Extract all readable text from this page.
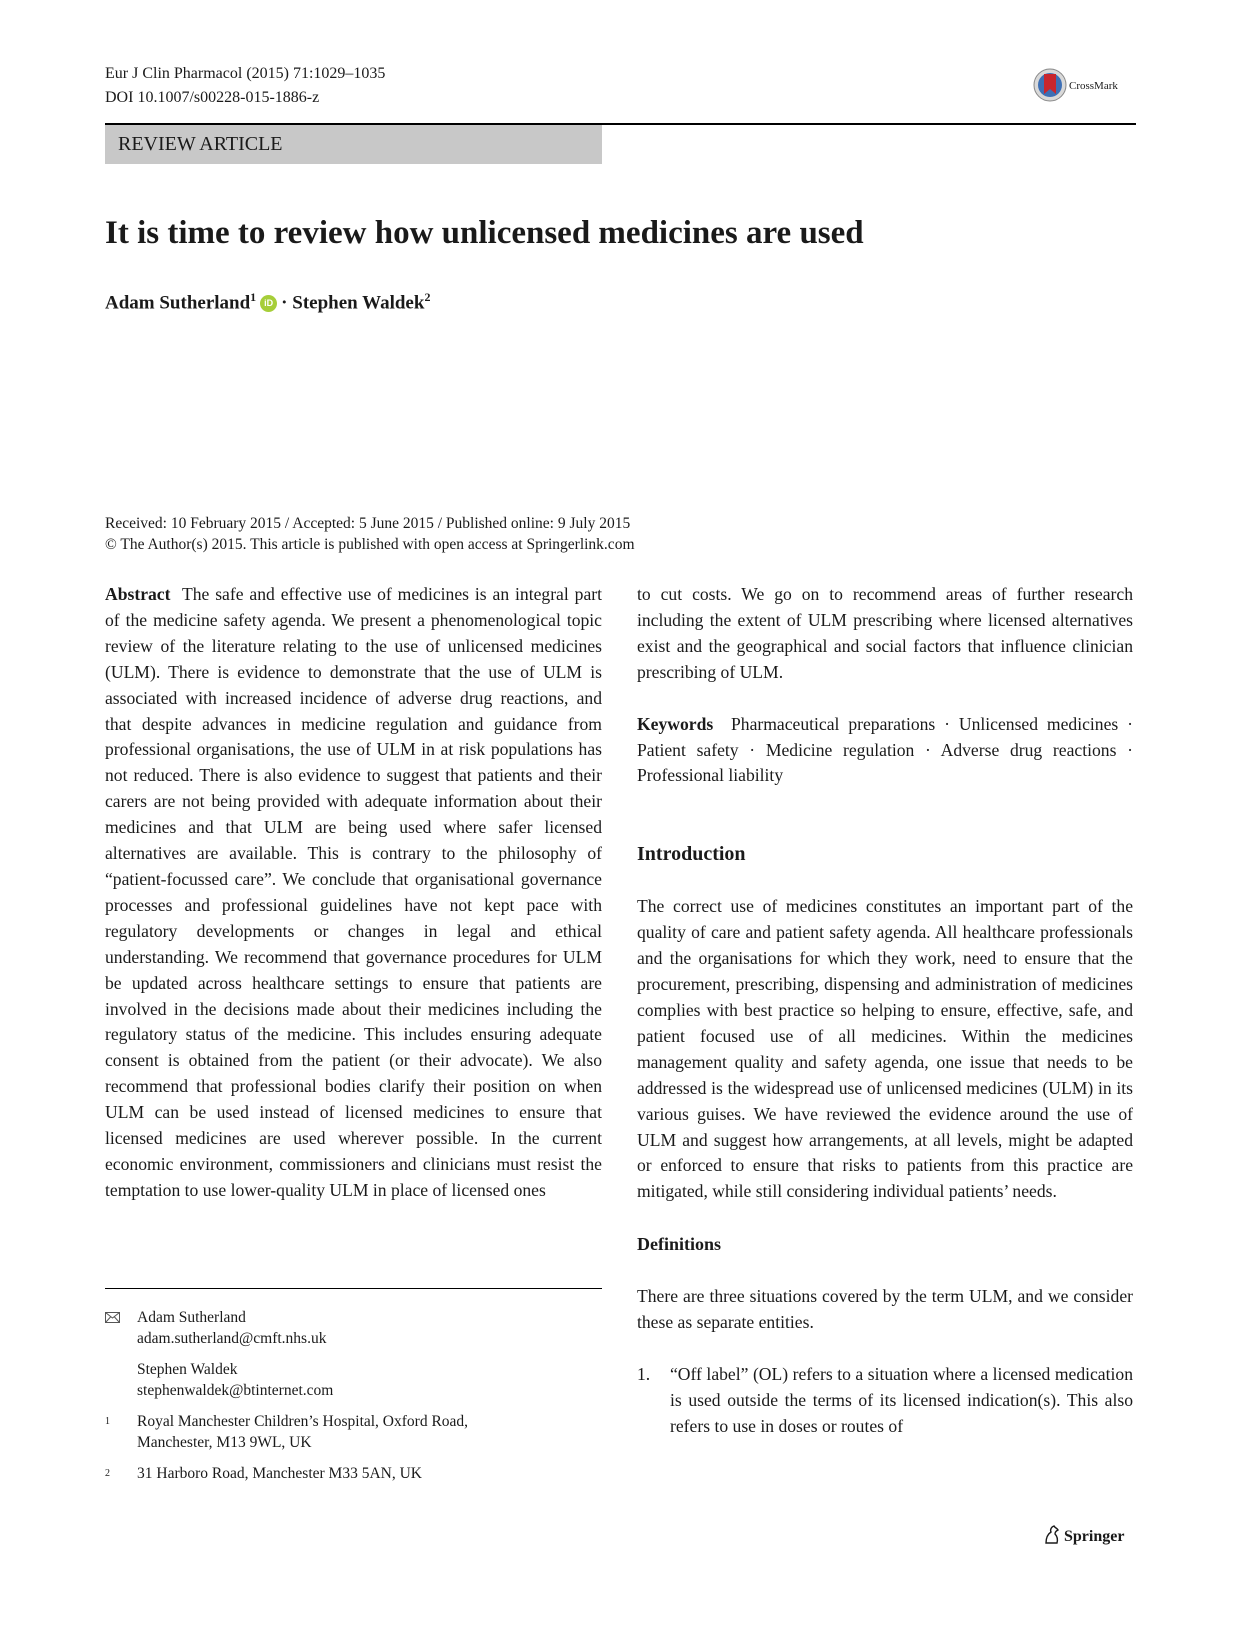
Eur J Clin Pharmacol (2015) 71:1029–1035
DOI 10.1007/s00228-015-1886-z
CrossMark
REVIEW ARTICLE
It is time to review how unlicensed medicines are used
Adam Sutherland$^1$ iD · Stephen Waldek$^2$
Received: 10 February 2015 / Accepted: 5 June 2015 / Published online: 9 July 2015
© The Author(s) 2015. This article is published with open access at Springerlink.com

Abstract The safe and effective use of medicines is an integral part of the medicine safety agenda. We present a phenomenological topic review of the literature relating to the use of unlicensed medicines (ULM). There is evidence to demonstrate that the use of ULM is associated with increased incidence of adverse drug reactions, and that despite advances in medicine regulation and guidance from professional organisations, the use of ULM in at risk populations has not reduced. There is also evidence to suggest that patients and their carers are not being provided with adequate information about their medicines and that ULM are being used where safer licensed alternatives are available. This is contrary to the philosophy of “patient-focussed care”. We conclude that organisational governance processes and professional guidelines have not kept pace with regulatory developments or changes in legal and ethical understanding. We recommend that governance procedures for ULM be updated across healthcare settings to ensure that patients are involved in the decisions made about their medicines including the regulatory status of the medicine. This includes ensuring adequate consent is obtained from the patient (or their advocate). We also recommend that professional bodies clarify their position on when ULM can be used instead of licensed medicines to ensure that licensed medicines are used wherever possible. In the current economic environment, commissioners and clinicians must resist the temptation to use lower-quality ULM in place of licensed ones

Adam Sutherland
adam.sutherland@cmft.nhs.uk
Stephen Waldek
stephenwaldek@btinternet.com
$^1$	Royal Manchester Children’s Hospital, Oxford Road,
Manchester, M13 9WL, UK
$^2$	31 Harboro Road, Manchester M33 5AN, UK

to cut costs. We go on to recommend areas of further research including the extent of ULM prescribing where licensed alternatives exist and the geographical and social factors that influence clinician prescribing of ULM.

Keywords Pharmaceutical preparations · Unlicensed medicines · Patient safety · Medicine regulation · Adverse drug reactions · Professional liability

Introduction

The correct use of medicines constitutes an important part of the quality of care and patient safety agenda. All healthcare professionals and the organisations for which they work, need to ensure that the procurement, prescribing, dispensing and administration of medicines complies with best practice so helping to ensure, effective, safe, and patient focused use of all medicines. Within the medicines management quality and safety agenda, one issue that needs to be addressed is the widespread use of unlicensed medicines (ULM) in its various guises. We have reviewed the evidence around the use of ULM and suggest how arrangements, at all levels, might be adapted or enforced to ensure that risks to patients from this practice are mitigated, while still considering individual patients’ needs.

Definitions

There are three situations covered by the term ULM, and we consider these as separate entities.

1.	“Off label” (OL) refers to a situation where a licensed medication is used outside the terms of its licensed indication(s). This also refers to use in doses or routes of

Springer
